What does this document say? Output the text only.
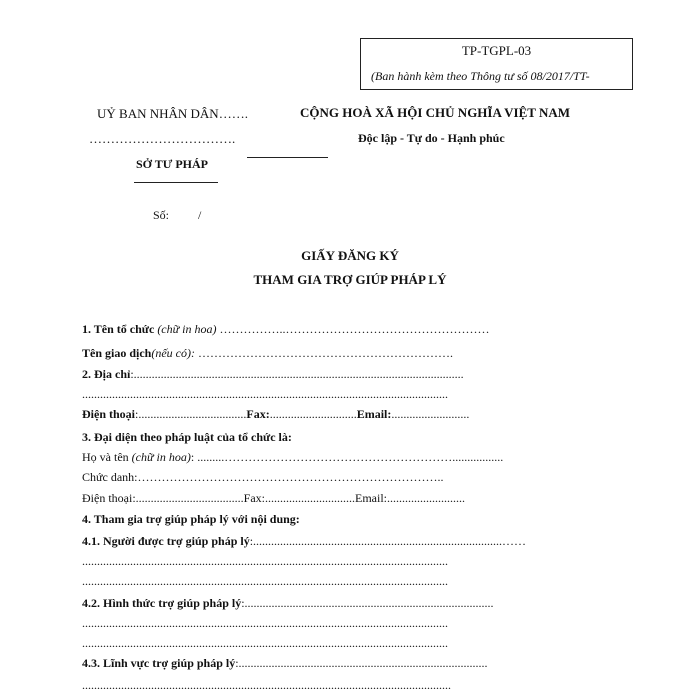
TP-TGPL-03
(Ban hành kèm theo Thông tư số 08/2017/TT-
UỶ BAN NHÂN DÂN…….
…………………………….
SỞ TƯ PHÁP
CỘNG HOÀ XÃ HỘI CHỦ NGHĨA VIỆT NAM
Độc lập - Tự do - Hạnh phúc
Số: /
GIẤY ĐĂNG KÝ
THAM GIA TRỢ GIÚP PHÁP LÝ
1. Tên tổ chức (chữ in hoa) ……………..……………………………………………
Tên giao dịch(nếu có): ……………………………………………………….
2. Địa chỉ:..............................................................................................................
..........................................................................................................................
Điện thoại:....................................Fax:.............................Email:..........................
3. Đại diện theo pháp luật của tổ chức là:
Họ và tên (chữ in hoa): .........………………………………………………….................
Chức danh:…………………………………………………………………..
Điện thoại:....................................Fax:..............................Email:..........................
4. Tham gia trợ giúp pháp lý với nội dung:
4.1. Người được trợ giúp pháp lý:...................................................................................……
..........................................................................................................................
..........................................................................................................................
4.2. Hình thức trợ giúp pháp lý:...................................................................................
..........................................................................................................................
..........................................................................................................................
4.3. Lĩnh vực trợ giúp pháp lý:...................................................................................
...........................................................................................................................
